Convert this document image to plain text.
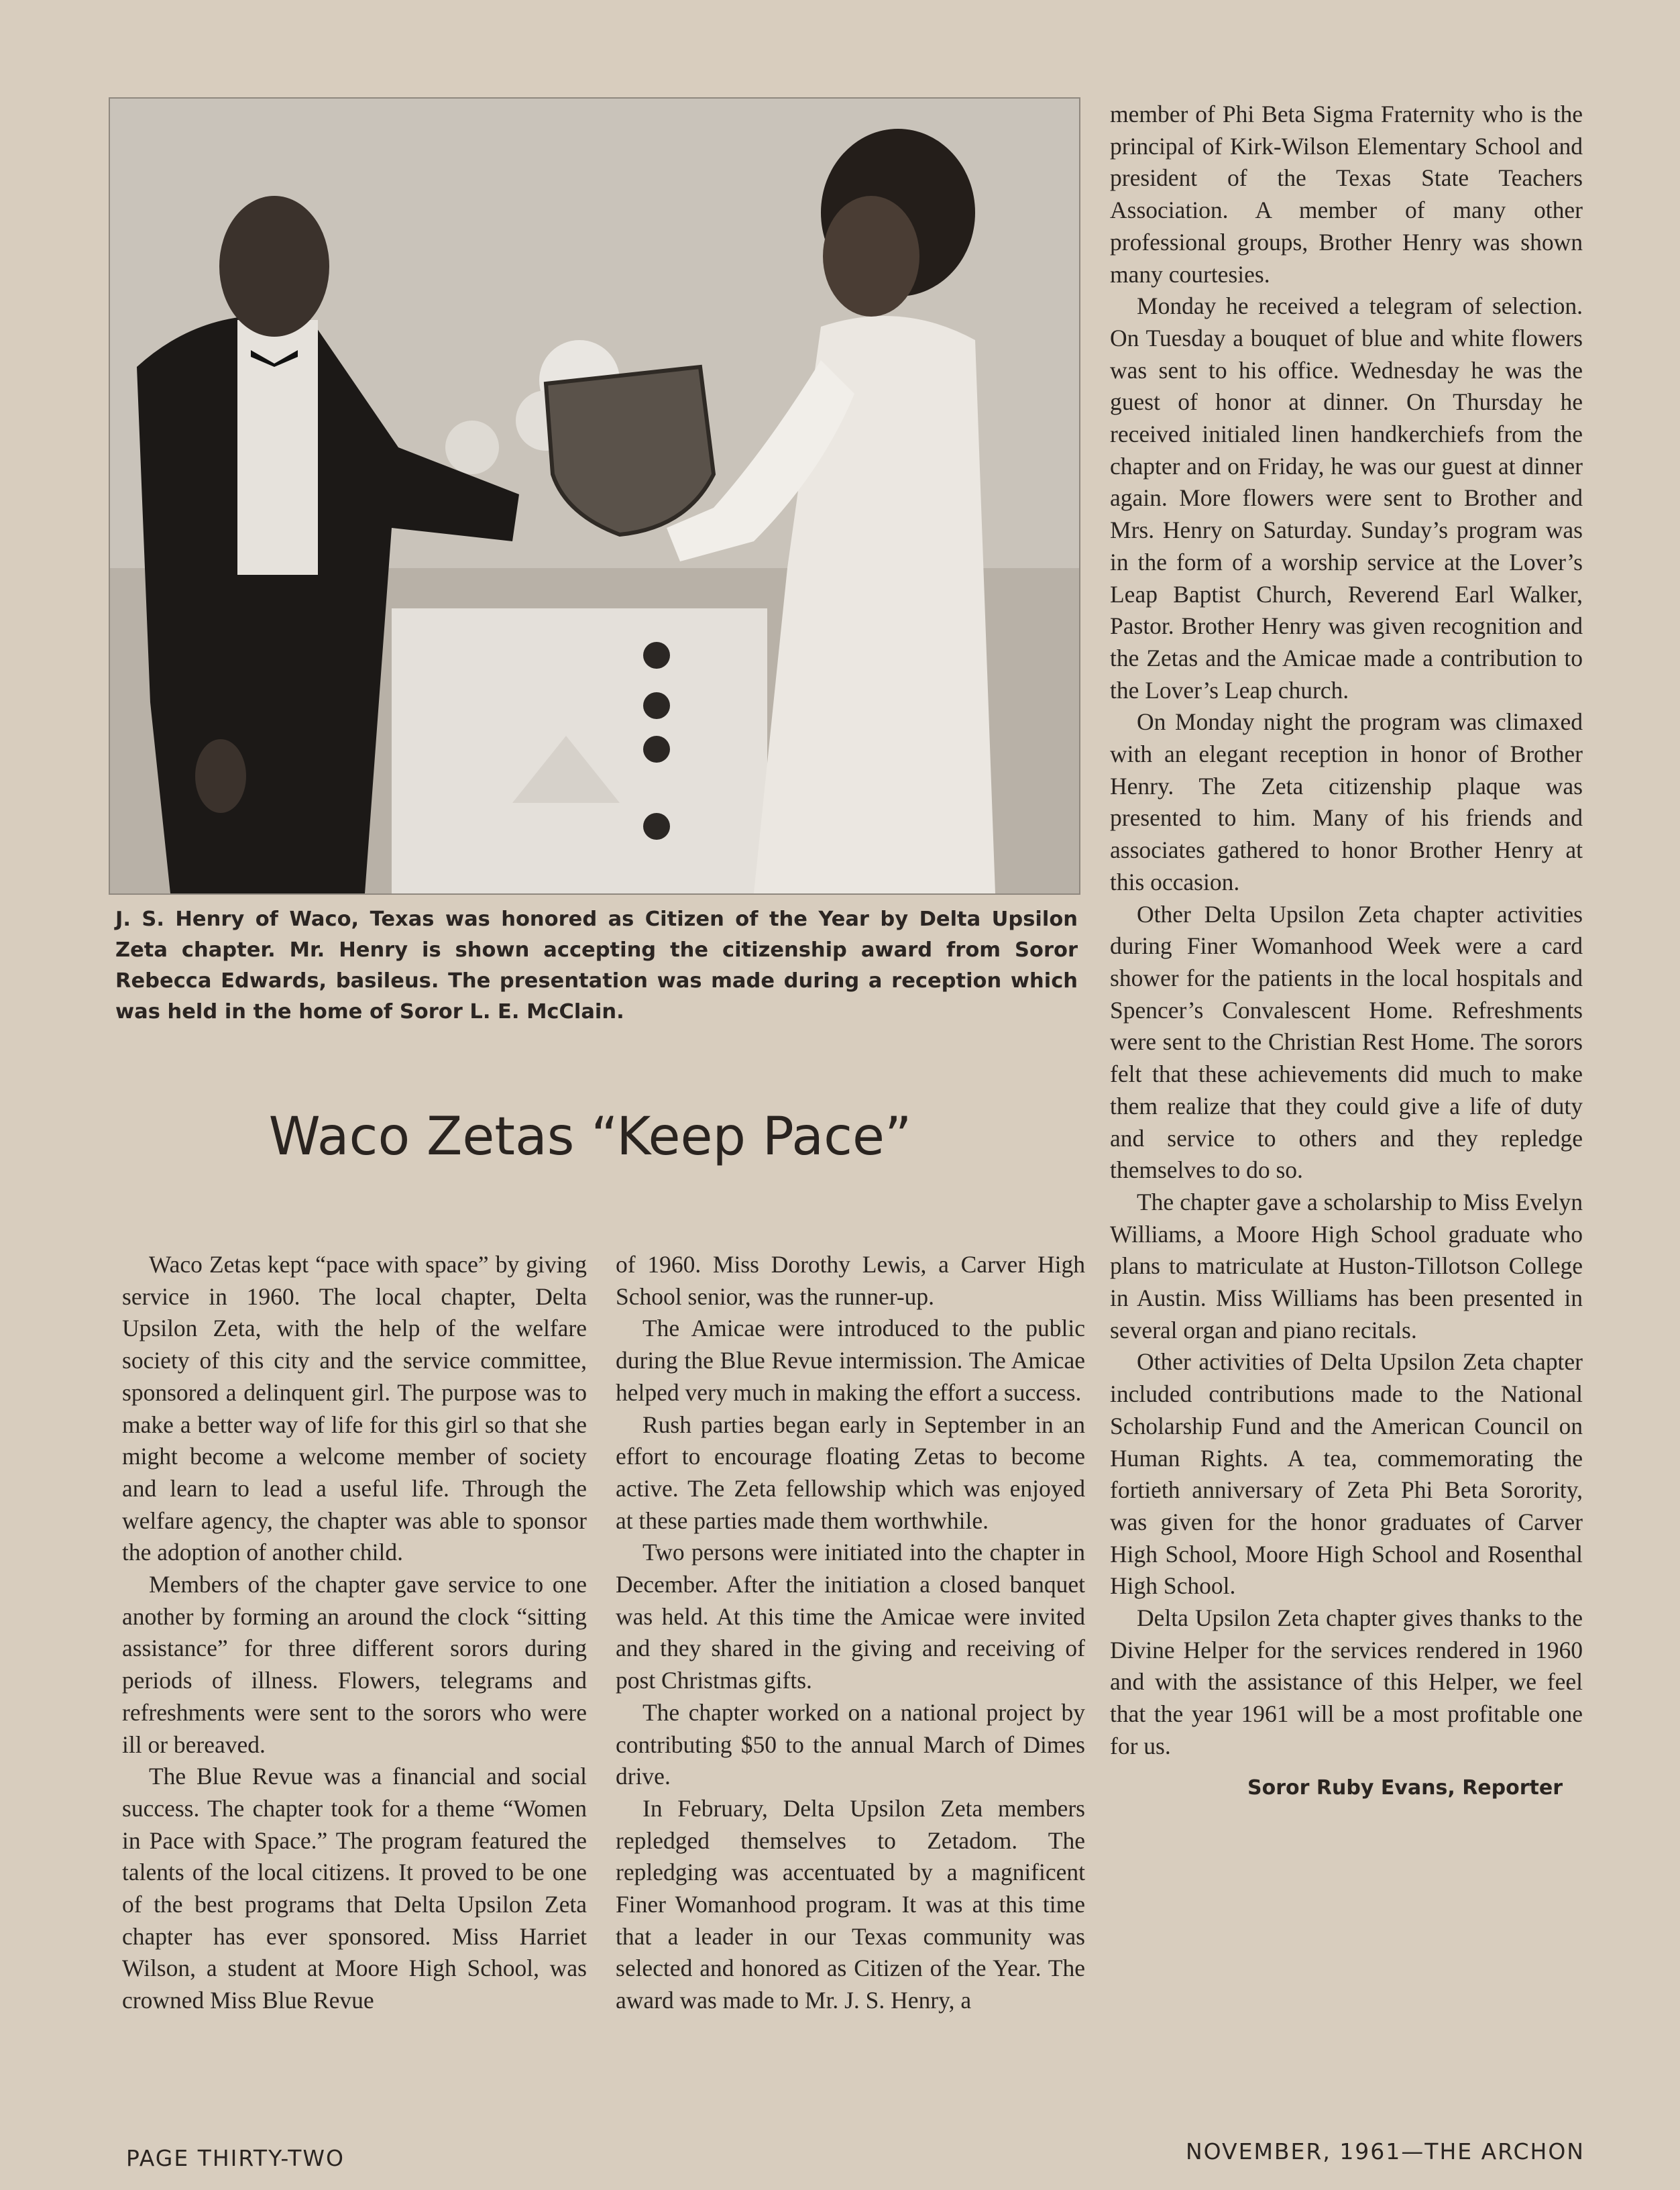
J. S. Henry of Waco, Texas was honored as Citizen of the Year by Delta Upsilon Zeta chapter. Mr. Henry is shown accepting the citizenship award from Soror Rebecca Edwards, basileus. The presentation was made during a reception which was held in the home of Soror L. E. McClain.
Waco Zetas “Keep Pace”

Waco Zetas kept “pace with space” by giving service in 1960. The local chapter, Delta Upsilon Zeta, with the help of the welfare society of this city and the service committee, sponsored a delinquent girl. The purpose was to make a better way of life for this girl so that she might become a welcome member of society and learn to lead a useful life. Through the welfare agency, the chapter was able to sponsor the adoption of another child.

Members of the chapter gave service to one another by forming an around the clock “sitting assistance” for three different sorors during periods of illness. Flowers, telegrams and refreshments were sent to the sorors who were ill or bereaved.

The Blue Revue was a financial and social success. The chapter took for a theme “Women in Pace with Space.” The program featured the talents of the local citizens. It proved to be one of the best programs that Delta Upsilon Zeta chapter has ever sponsored. Miss Harriet Wilson, a student at Moore High School, was crowned Miss Blue Revue

of 1960. Miss Dorothy Lewis, a Carver High School senior, was the runner-up.

The Amicae were introduced to the public during the Blue Revue intermission. The Amicae helped very much in making the effort a success.

Rush parties began early in September in an effort to encourage floating Zetas to become active. The Zeta fellowship which was enjoyed at these parties made them worthwhile.

Two persons were initiated into the chapter in December. After the initiation a closed banquet was held. At this time the Amicae were invited and they shared in the giving and receiving of post Christmas gifts.

The chapter worked on a national project by contributing $50 to the annual March of Dimes drive.

In February, Delta Upsilon Zeta members repledged themselves to Zetadom. The repledging was accentuated by a magnificent Finer Womanhood program. It was at this time that a leader in our Texas community was selected and honored as Citizen of the Year. The award was made to Mr. J. S. Henry, a

member of Phi Beta Sigma Fraternity who is the principal of Kirk-Wilson Elementary School and president of the Texas State Teachers Association. A member of many other professional groups, Brother Henry was shown many courtesies.

Monday he received a telegram of selection. On Tuesday a bouquet of blue and white flowers was sent to his office. Wednesday he was the guest of honor at dinner. On Thursday he received initialed linen handkerchiefs from the chapter and on Friday, he was our guest at dinner again. More flowers were sent to Brother and Mrs. Henry on Saturday. Sunday’s program was in the form of a worship service at the Lover’s Leap Baptist Church, Reverend Earl Walker, Pastor. Brother Henry was given recognition and the Zetas and the Amicae made a contribution to the Lover’s Leap church.

On Monday night the program was climaxed with an elegant reception in honor of Brother Henry. The Zeta citizenship plaque was presented to him. Many of his friends and associates gathered to honor Brother Henry at this occasion.

Other Delta Upsilon Zeta chapter activities during Finer Womanhood Week were a card shower for the patients in the local hospitals and Spencer’s Convalescent Home. Refreshments were sent to the Christian Rest Home. The sorors felt that these achievements did much to make them realize that they could give a life of duty and service to others and they repledge themselves to do so.

The chapter gave a scholarship to Miss Evelyn Williams, a Moore High School graduate who plans to matriculate at Huston-Tillotson College in Austin. Miss Williams has been presented in several organ and piano recitals.

Other activities of Delta Upsilon Zeta chapter included contributions made to the National Scholarship Fund and the American Council on Human Rights. A tea, commemorating the fortieth anniversary of Zeta Phi Beta Sorority, was given for the honor graduates of Carver High School, Moore High School and Rosenthal High School.

Delta Upsilon Zeta chapter gives thanks to the Divine Helper for the services rendered in 1960 and with the assistance of this Helper, we feel that the year 1961 will be a most profitable one for us.

Soror Ruby Evans, Reporter
PAGE THIRTY-TWO	NOVEMBER, 1961—THE ARCHON
